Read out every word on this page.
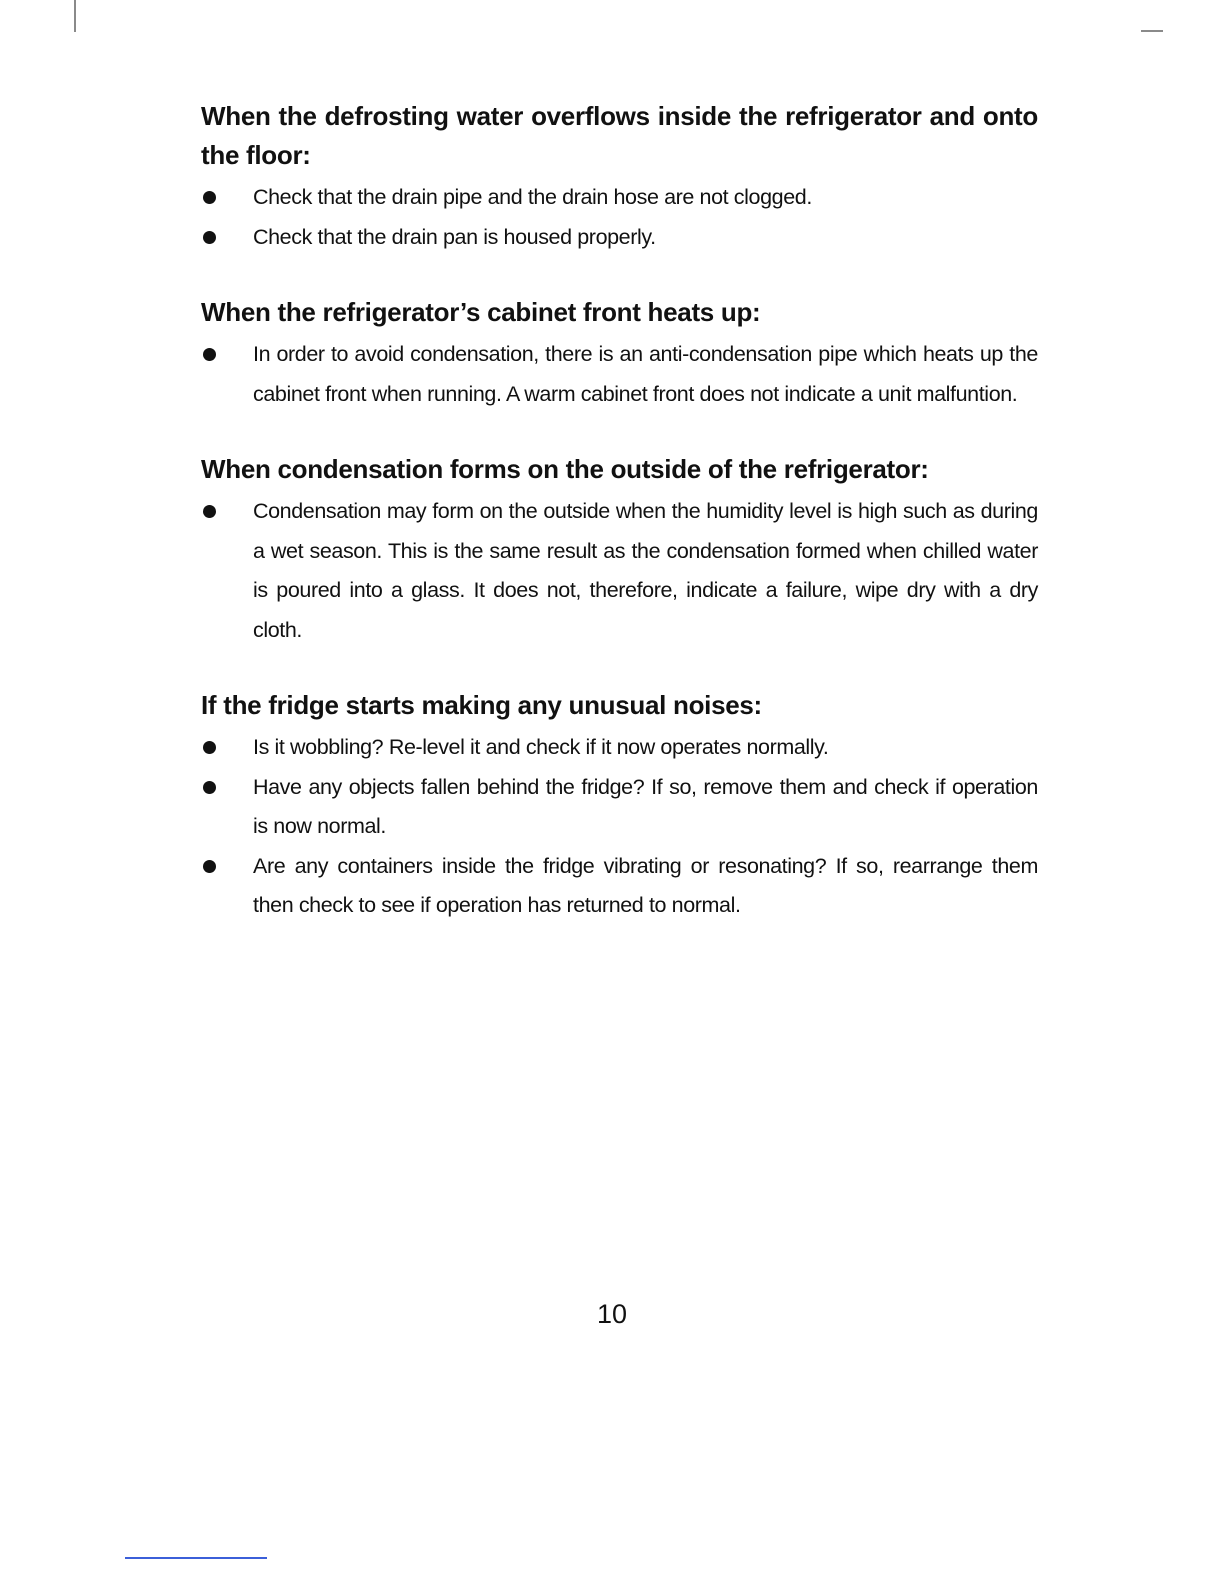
When the defrosting water overflows inside the refrigerator and onto the floor:
Check that the drain pipe and the drain hose are not clogged.
Check that the drain pan is housed properly.
When the refrigerator’s cabinet front heats up:
In order to avoid condensation, there is an anti-condensation pipe which heats up the cabinet front when running. A warm cabinet front does not indicate a unit malfuntion.
When condensation forms on the outside of the refrigerator:
Condensation may form on the outside when the humidity level is high such as during a wet season. This is the same result as the condensation formed when chilled water is poured into a glass. It does not, therefore, indicate a failure, wipe dry with a dry cloth.
If the fridge starts making any unusual noises:
Is it wobbling? Re-level it and check if it now operates normally.
Have any objects fallen behind the fridge? If so, remove them and check if operation is now normal.
Are any containers inside the fridge vibrating or resonating? If so, rearrange them then check to see if operation has returned to normal.
10
